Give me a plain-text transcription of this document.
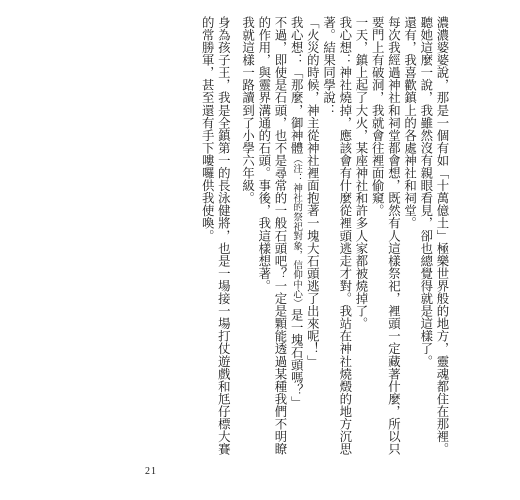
濃濃婆婆說，那是一個有如「十萬億土」極樂世界般的地方，靈魂都住在那裡。
聽她這麼一說，我雖然沒有親眼看見，卻也總覺得就是這樣了。
還有，我喜歡鎮上的各處神社和祠堂。
每次我經過神社和祠堂都會想，既然有人這樣祭祀，裡頭一定藏著什麼，所以只
要門上有破洞，我就會往裡面偷窺。
一天，鎮上起了大火，某座神社和許多人家都被燒掉了。
我心想：神社燒掉，應該會有什麼從裡頭逃走才對。我站在神社燒燬的地方沉思
著。結果同學說：
「火災的時候，神主從神社裡面抱著一塊大石頭逃了出來呢！」
我心想：「那麼，御神體（注：神社的祭祀對象，信仰中心）是一塊石頭嗎？」
不過，即使是石頭，也不是尋常的一般石頭吧？一定是顆能透過某種我們不明瞭
的作用，與靈界溝通的石頭。事後，我這樣想著。
我就這樣一路讀到了小學六年級。
身為孩子王，我是全鎮第一的長泳健將，也是一場接一場打仗遊戲和尪仔標大賽
的常勝軍，甚至還有手下嘍囉供我使喚。
21
